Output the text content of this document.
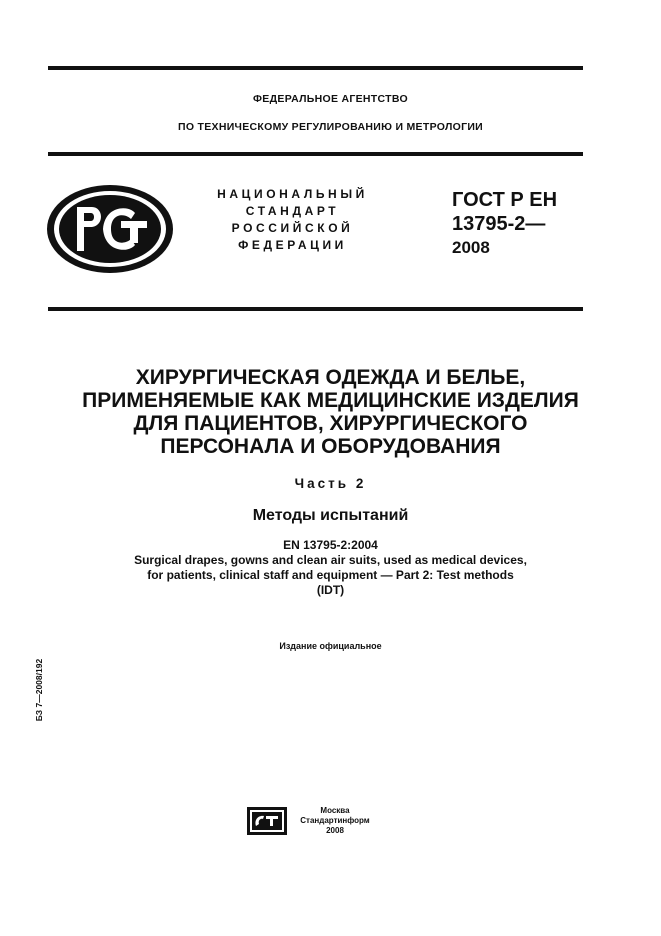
ФЕДЕРАЛЬНОЕ АГЕНТСТВО
ПО ТЕХНИЧЕСКОМУ РЕГУЛИРОВАНИЮ И МЕТРОЛОГИИ
НАЦИОНАЛЬНЫЙ
СТАНДАРТ
РОССИЙСКОЙ
ФЕДЕРАЦИИ
ГОСТ Р ЕН
13795-2—
2008
ХИРУРГИЧЕСКАЯ ОДЕЖДА И БЕЛЬЕ,
ПРИМЕНЯЕМЫЕ КАК МЕДИЦИНСКИЕ ИЗДЕЛИЯ
ДЛЯ ПАЦИЕНТОВ, ХИРУРГИЧЕСКОГО
ПЕРСОНАЛА И ОБОРУДОВАНИЯ
Часть 2
Методы испытаний
EN 13795-2:2004
Surgical drapes, gowns and clean air suits, used as medical devices,
for patients, clinical staff and equipment — Part 2: Test methods
(IDT)
Издание официальное
БЗ 7—2008/192
Москва
Стандартинформ
2008
